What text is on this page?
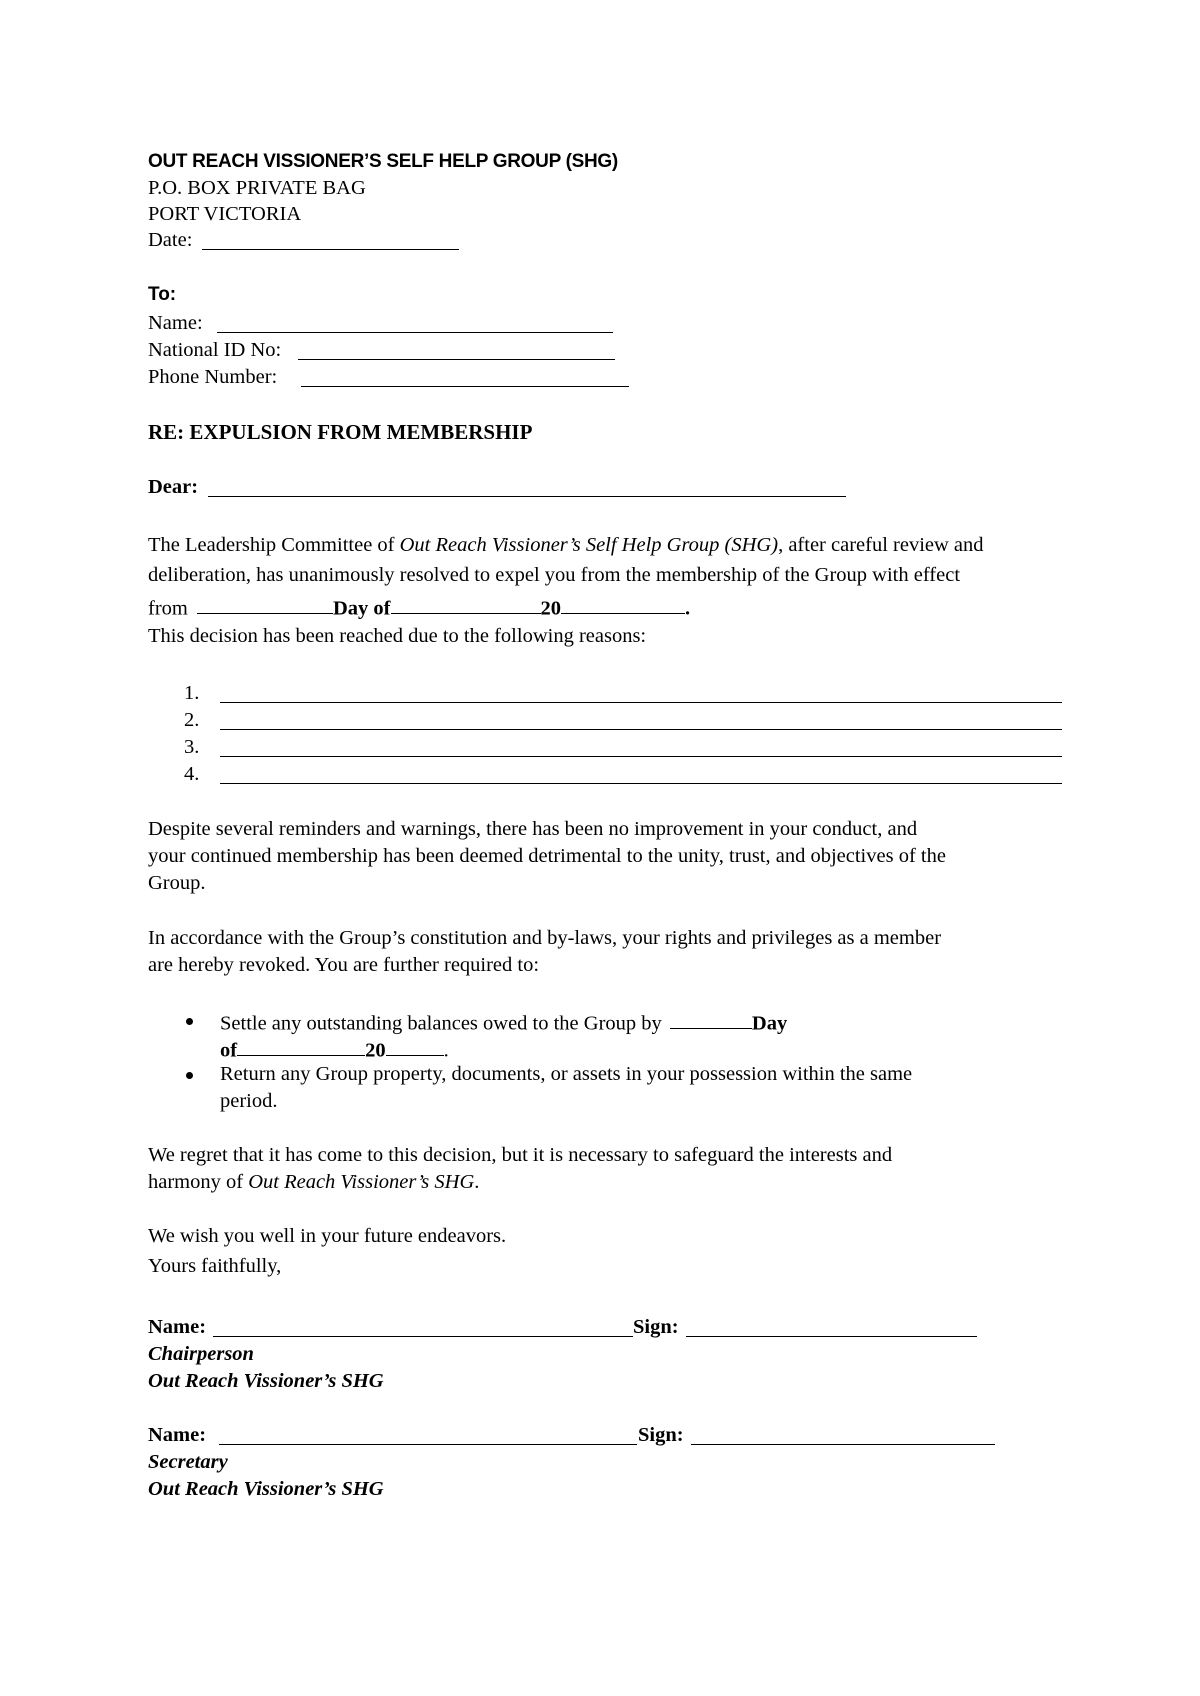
OUT REACH VISSIONER’S SELF HELP GROUP (SHG)
P.O. BOX PRIVATE BAG
PORT VICTORIA
Date:
To:
Name:
National ID No:
Phone Number:
RE: EXPULSION FROM MEMBERSHIP
Dear:
The Leadership Committee of Out Reach Vissioner’s Self Help Group (SHG), after careful review and
deliberation, has unanimously resolved to expel you from the membership of the Group with effect
from	Day of	20	.
This decision has been reached due to the following reasons:
1.
2.
3.
4.
Despite several reminders and warnings, there has been no improvement in your conduct, and
your continued membership has been deemed detrimental to the unity, trust, and objectives of the
Group.
In accordance with the Group’s constitution and by-laws, your rights and privileges as a member
are hereby revoked. You are further required to:
Settle any outstanding balances owed to the Group by	Day
of	20	.
Return any Group property, documents, or assets in your possession within the same
period.
We regret that it has come to this decision, but it is necessary to safeguard the interests and
harmony of Out Reach Vissioner’s SHG.
We wish you well in your future endeavors.
Yours faithfully,
Name:	Sign:
Chairperson
Out Reach Vissioner’s SHG
Name:	Sign:
Secretary
Out Reach Vissioner’s SHG
